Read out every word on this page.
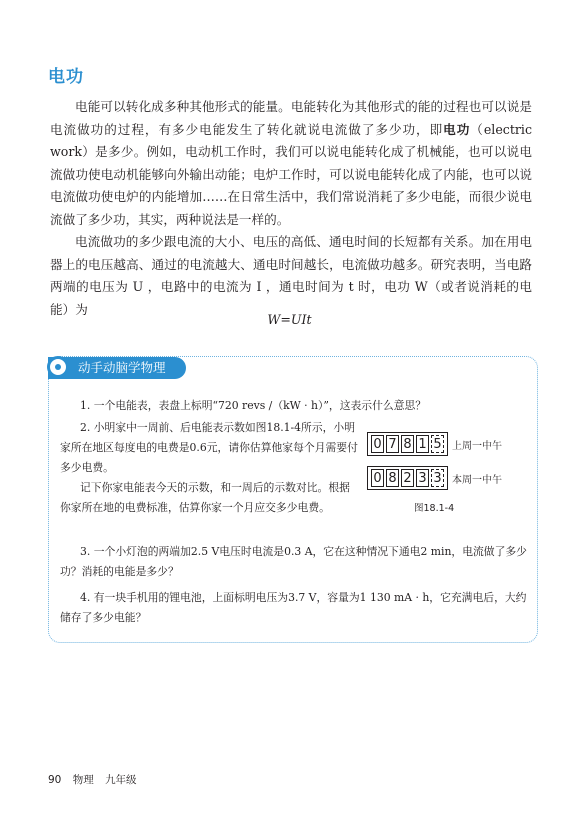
电功

电能可以转化成多种其他形式的能量。电能转化为其他形式的能的过程也可以说是电流做功的过程，有多少电能发生了转化就说电流做了多少功，即电功（electric work）是多少。例如，电动机工作时，我们可以说电能转化成了机械能，也可以说电流做功使电动机能够向外输出动能；电炉工作时，可以说电能转化成了内能，也可以说电流做功使电炉的内能增加……在日常生活中，我们常说消耗了多少电能，而很少说电流做了多少功，其实，两种说法是一样的。

电流做功的多少跟电流的大小、电压的高低、通电时间的长短都有关系。加在用电器上的电压越高、通过的电流越大、通电时间越长，电流做功越多。研究表明，当电路两端的电压为 U ，电路中的电流为 I ，通电时间为 t 时，电功 W（或者说消耗的电能）为

W=UIt
动手动脑学物理
1. 一个电能表，表盘上标明“720 revs /（kW · h）”，这表示什么意思？

2. 小明家中一周前、后电能表示数如图18.1-4所示，小明家所在地区每度电的电费是0.6元，请你估算他家每个月需要付多少电费。

记下你家电能表今天的示数，和一周后的示数对比。根据你家所在地的电费标准，估算你家一个月应交多少电费。

0 7 8 1 5 上周一中午
0 8 2 3 3 本周一中午
图18.1-4
3. 一个小灯泡的两端加2.5 V电压时电流是0.3 A，它在这种情况下通电2 min，电流做了多少功？消耗的电能是多少？
4. 有一块手机用的锂电池，上面标明电压为3.7 V，容量为1 130 mA · h，它充满电后，大约储存了多少电能？
90 物理 九年级
